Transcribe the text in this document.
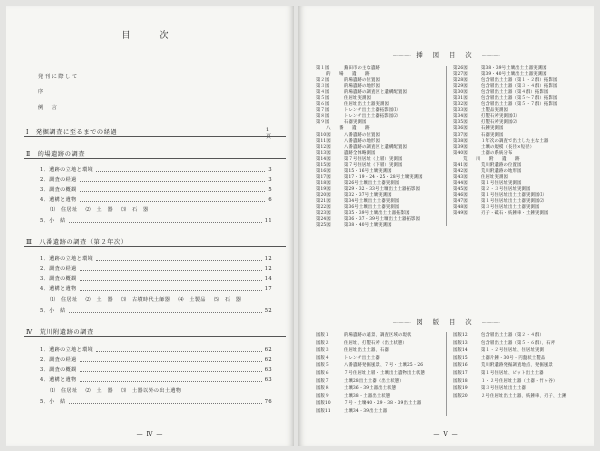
目　次
発刊に際して
序
例　言
Ⅰ　発掘調査に至るまでの経過	1頁
Ⅱ　的場遺跡の調査
1．遺跡の立地と環境	3
2．調査の経過	3
3．調査の概観	5
4．遺構と遺物	6
⑴　住居址 ⑵　土　器 ⑶　石　器
5．小　結	11
Ⅲ　八番遺跡の調査（第２年次）
1．遺跡の立地と環境	12
2．調査の経過	12
3．調査の概観	14
4．遺構と遺物	17
⑴　住居址 ⑵　土　器 ⑶　古墳時代土師器 ⑷　土製品 ⑸　石　器
5．小　結	52
Ⅳ　荒川附遺跡の調査
1．遺跡の立地と環境	62
2．調査の経過	62
3．調査の概観	63
4．遺構と遺物	63
⑴　住居址 ⑵　土　器 ⑶　土器以外の出土遺物
5．小　結	76
— Ⅳ —
··············· 挿 図 目 次 ···············
第１図	蕪田市の主な遺跡
的　場　遺　跡
第２図	的場遺跡の位置図
第３図	的場遺跡の地形図
第４図	的場遺跡の調査区と遺構配置図
第５図	住居址実測図
第６図	住居址出土土器実測図
第７図	トレンチ出土土器拓影図⑴
第８図	トレンチ出土土器拓影図⑵
第９図	石器実測図
八　番　遺　跡
第10図	八番遺跡の位置図
第11図	八番遺跡の地形図
第12図	八番遺跡の調査区と遺構配置図
第13図	遺跡全体略測図
第14図	第７号住居址（上層）実測図
第15図	第７号住居址（下層）実測図
第16図	第15・16号土壙実測図
第17図	第17・19・24・25・28号土壙実測図
第18図	第26号土壙出土土器実測図
第19図	第29・32・33号土壙出土土器拓影図
第20図	第32・37号土壙実測図
第21図	第34号土壙出土土器実測図
第22図	第36号土壙出土土器実測図
第23図	第35・39号土壙出土土器拓影図
第24図	第36・37・39号土壙出土土器拓影図
第25図	第38・40号土壙実測図
第26図	第38・39号土壙出土土器実測図
第27図	第39・40号土壙出土土器実測図
第28図	包含層出土土器（第１・２群）拓影図
第29図	包含層出土土器（第３・４群）拓影図
第30図	包含層出土土器（第４群）拓影図
第31図	包含層出土土器（第５～７群）拓影図
第32図	包含層出土土器（第５・７群）拓影図
第33図	土製品実測図
第34図	打製石斧実測図⑴
第35図	打製石斧実測図⑵
第36図	石錘実測図
第37図	石器実測図
第38図	１年次の調査で出土した主な土器
第39図	土壙の規模（長径×短径）
第40図	土器の系統分布
荒　川　附　遺　跡
第41図	荒川附遺跡の位置図
第42図	荒川附遺跡の地形図
第43図	住居址実測図
第44図	第１号住居址実測図
第45図	第２・３号住居址実測図
第46図	第１号住居址出土土器実測図⑴
第47図	第１号住居址出土土器実測図⑵
第48図	第３号住居址出土土器実測図
第49図	刃子・砥石・紡錘車・土錘実測図
··············· 図 版 目 次 ···············
図版１	的場遺跡の遠景、調査区域の現状
図版２	住居址、打製石斧（出土状態）
図版３	住居址出土土器、石器
図版４	トレンチ出土土器
図版５	八番遺跡発掘風景、７号・土壙25・26
図版６	７号住居址上層・土壙出土遺物出土状態
図版７	土壙28出土土器（出土状態）
図版８	土壙36・39土器出土状態
図版９	土壙38・土器出土状態
図版10	７号・土壙40・29・38・39出土土器
図版11	土壙34・39出土土器
図版12	包含層出土土器（第２・４群）
図版13	包含層出土土器（第５・６群）、石斧
図版14	第１・２号住居址、住居址実測
図版15	土器片錘・30号・円盤状土製品
図版16	荒川附遺跡発掘調査地点、発掘風景
図版17	第１号住居址、ピット出土土器
図版18	１・２号住居址土器（土器・竹ヶ谷）
図版19	第３号住居址出土土器
図版20	２号住居址出土土器、紡錘車、刃子、土錘
— Ⅴ —
